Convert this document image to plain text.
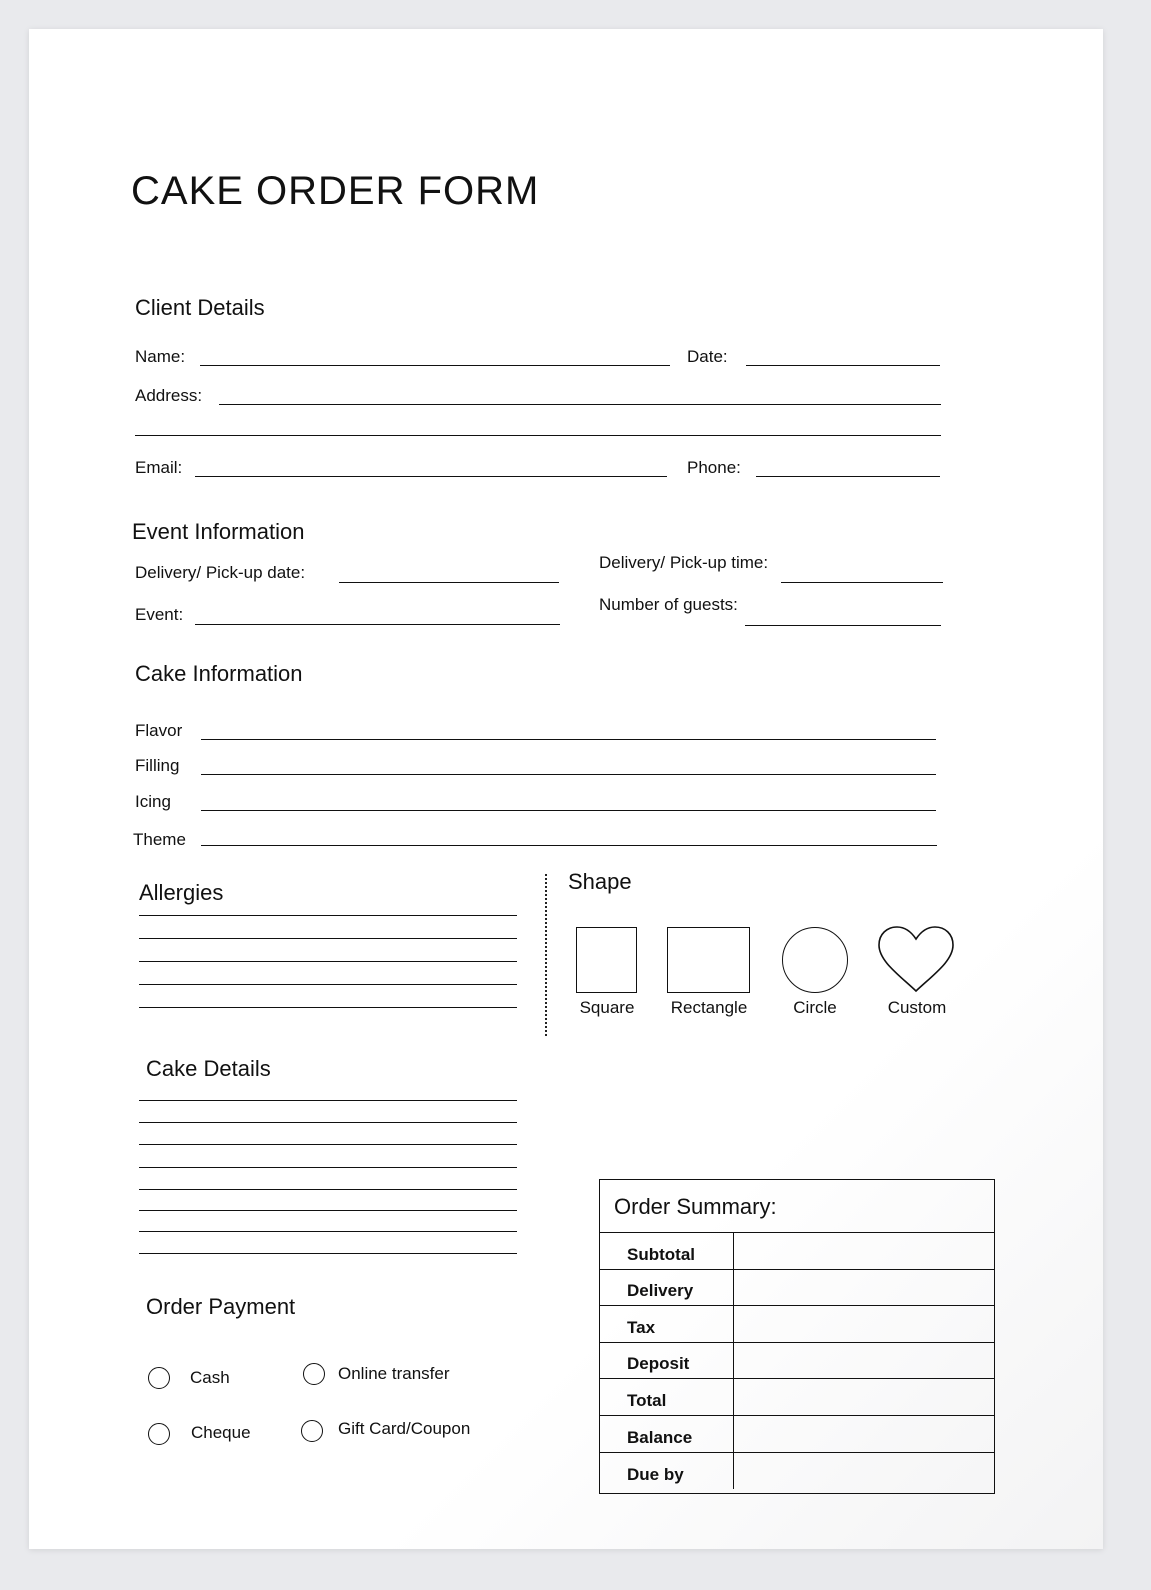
CAKE ORDER FORM
Client Details
Name:	Date:
Address:
Email:	Phone:
Event Information
Delivery/ Pick-up date:
Delivery/ Pick-up time:
Event:
Number of guests:
Cake Information
Flavor
Filling
Icing
Theme
Allergies	Shape
Square	Rectangle	Circle	Custom
Cake Details
Order Payment
Cash	Online transfer
Cheque	Gift Card/Coupon
Order Summary:
Subtotal
Delivery
Tax
Deposit
Total
Balance
Due by
